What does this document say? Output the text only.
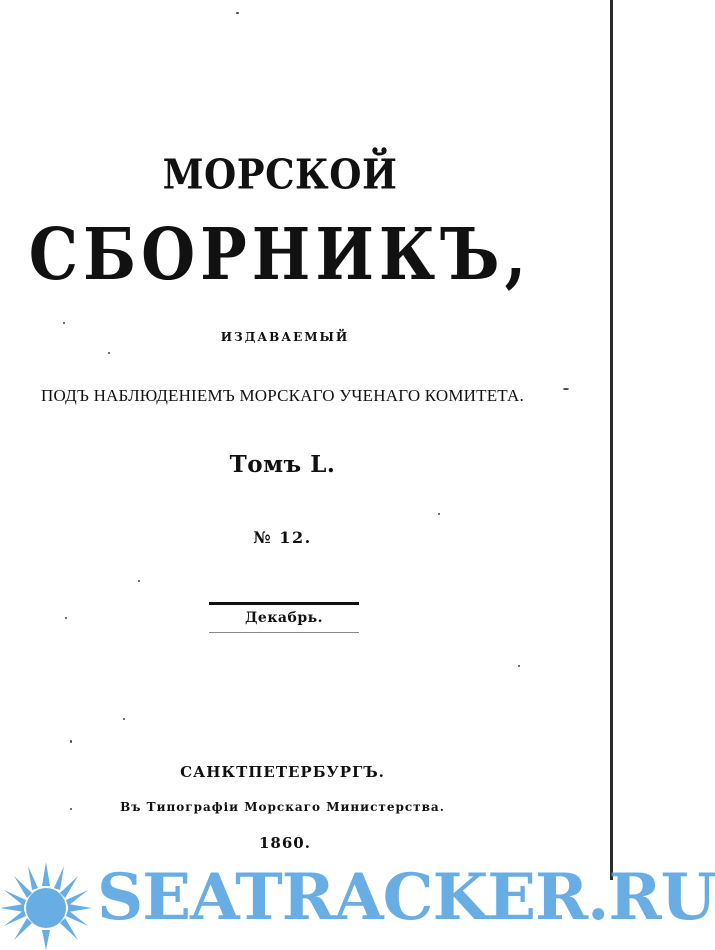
МОРСКОЙ
СБОРНИКЪ,
ИЗДАВАЕМЫЙ
ПОДЪ НАБЛЮДЕНІЕМЪ МОРСКАГО УЧЕНАГО КОМИТЕТА.
Томъ L.
№ 12.
Декабрь.
САНКТПЕТЕРБУРГЪ.
Въ Типографіи Морскаго Министерства.
1860.
SEATRACKER.RU
